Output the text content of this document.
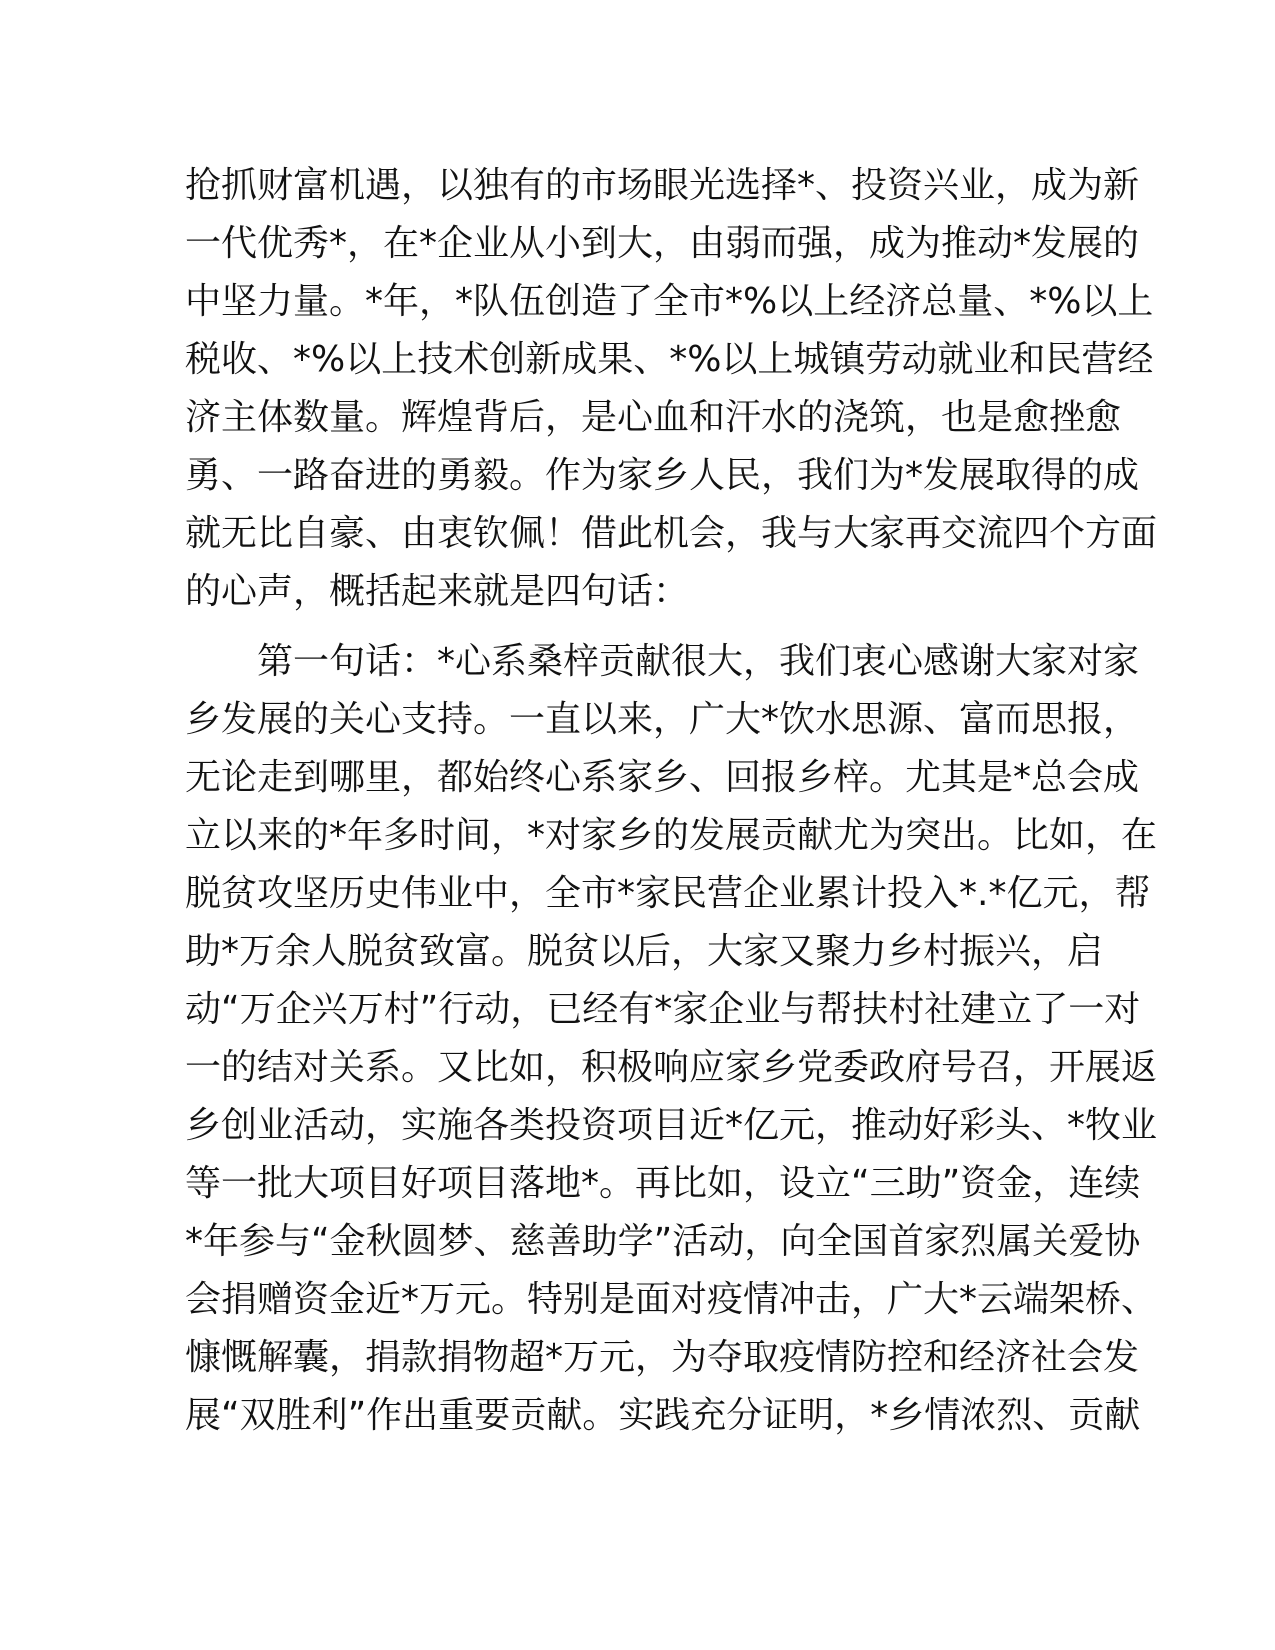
抢抓财富机遇，以独有的市场眼光选择*、投资兴业，成为新
一代优秀*，在*企业从小到大，由弱而强，成为推动*发展的
中坚力量。*年，*队伍创造了全市*%以上经济总量、*%以上
税收、*%以上技术创新成果、*%以上城镇劳动就业和民营经
济主体数量。辉煌背后，是心血和汗水的浇筑，也是愈挫愈
勇、一路奋进的勇毅。作为家乡人民，我们为*发展取得的成
就无比自豪、由衷钦佩！借此机会，我与大家再交流四个方面
的心声，概括起来就是四句话：
第一句话：*心系桑梓贡献很大，我们衷心感谢大家对家
乡发展的关心支持。一直以来，广大*饮水思源、富而思报，
无论走到哪里，都始终心系家乡、回报乡梓。尤其是*总会成
立以来的*年多时间，*对家乡的发展贡献尤为突出。比如，在
脱贫攻坚历史伟业中，全市*家民营企业累计投入*.*亿元，帮
助*万余人脱贫致富。脱贫以后，大家又聚力乡村振兴，启
动“万企兴万村”行动，已经有*家企业与帮扶村社建立了一对
一的结对关系。又比如，积极响应家乡党委政府号召，开展返
乡创业活动，实施各类投资项目近*亿元，推动好彩头、*牧业
等一批大项目好项目落地*。再比如，设立“三助”资金，连续
*年参与“金秋圆梦、慈善助学”活动，向全国首家烈属关爱协
会捐赠资金近*万元。特别是面对疫情冲击，广大*云端架桥、
慷慨解囊，捐款捐物超*万元，为夺取疫情防控和经济社会发
展“双胜利”作出重要贡献。实践充分证明，*乡情浓烈、贡献
